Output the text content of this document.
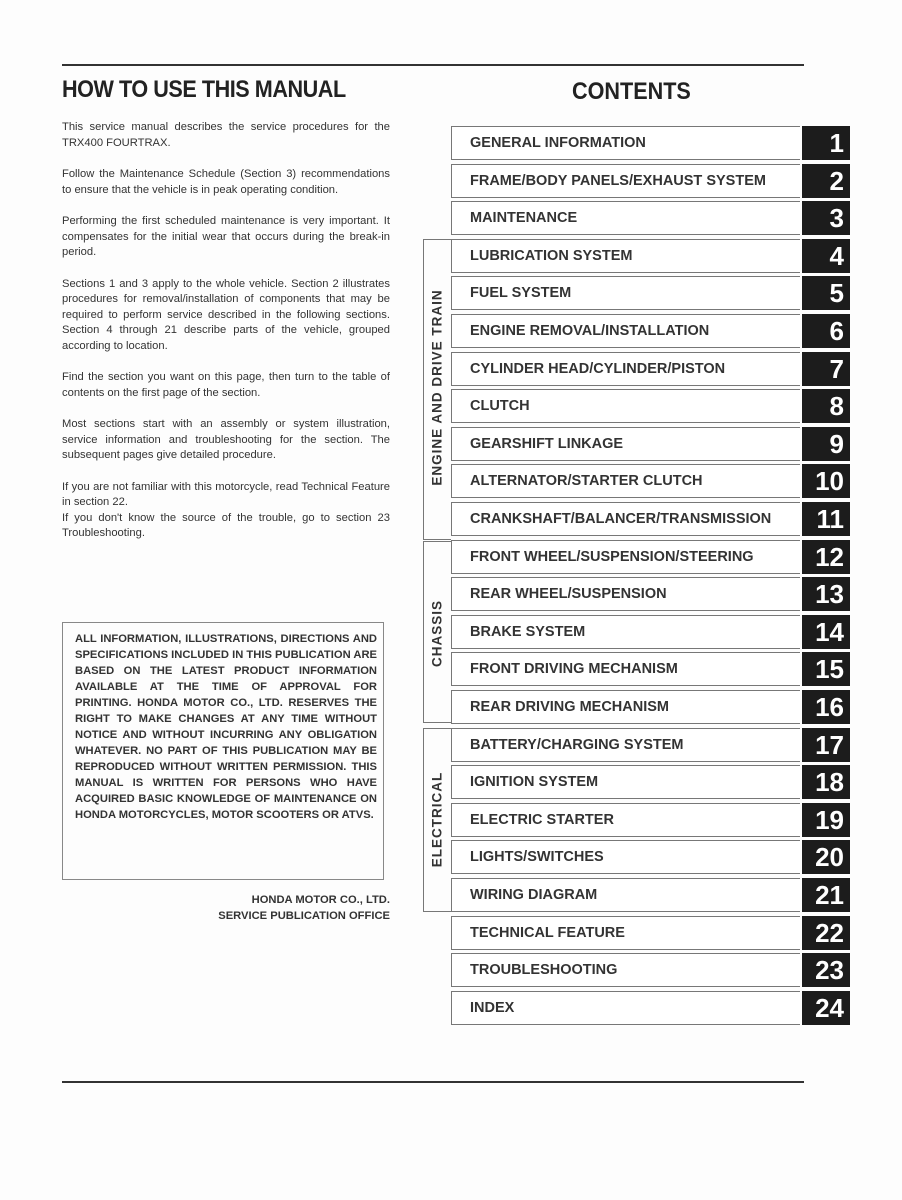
HOW TO USE THIS MANUAL	CONTENTS

This service manual describes the service procedures for the TRX400 FOURTRAX.

Follow the Maintenance Schedule (Section 3) recommendations to ensure that the vehicle is in peak operating condition.

Performing the first scheduled maintenance is very important. It compensates for the initial wear that occurs during the break-in period.

Sections 1 and 3 apply to the whole vehicle. Section 2 illustrates procedures for removal/installation of components that may be required to perform service described in the following sections. Section 4 through 21 describe parts of the vehicle, grouped according to location.

Find the section you want on this page, then turn to the table of contents on the first page of the section.

Most sections start with an assembly or system illustration, service information and troubleshooting for the section. The subsequent pages give detailed procedure.

If you are not familiar with this motorcycle, read Technical Feature in section 22.

If you don't know the source of the trouble, go to section 23 Troubleshooting.

ALL INFORMATION, ILLUSTRATIONS, DIRECTIONS AND SPECIFICATIONS INCLUDED IN THIS PUBLICATION ARE BASED ON THE LATEST PRODUCT INFORMATION AVAILABLE AT THE TIME OF APPROVAL FOR PRINTING. HONDA MOTOR CO., LTD. RESERVES THE RIGHT TO MAKE CHANGES AT ANY TIME WITHOUT NOTICE AND WITHOUT INCURRING ANY OBLIGATION WHATEVER. NO PART OF THIS PUBLICATION MAY BE REPRODUCED WITHOUT WRITTEN PERMISSION. THIS MANUAL IS WRITTEN FOR PERSONS WHO HAVE ACQUIRED BASIC KNOWLEDGE OF MAINTENANCE ON HONDA MOTORCYCLES, MOTOR SCOOTERS OR ATVS.
HONDA MOTOR CO., LTD.
SERVICE PUBLICATION OFFICE
ENGINE AND DRIVE TRAIN
CHASSIS
ELECTRICAL
GENERAL INFORMATION	1
FRAME/BODY PANELS/EXHAUST SYSTEM	2
MAINTENANCE	3
LUBRICATION SYSTEM	4
FUEL SYSTEM	5
ENGINE REMOVAL/INSTALLATION	6
CYLINDER HEAD/CYLINDER/PISTON	7
CLUTCH	8
GEARSHIFT LINKAGE	9
ALTERNATOR/STARTER CLUTCH	10
CRANKSHAFT/BALANCER/TRANSMISSION	11
FRONT WHEEL/SUSPENSION/STEERING	12
REAR WHEEL/SUSPENSION	13
BRAKE SYSTEM	14
FRONT DRIVING MECHANISM	15
REAR DRIVING MECHANISM	16
BATTERY/CHARGING SYSTEM	17
IGNITION SYSTEM	18
ELECTRIC STARTER	19
LIGHTS/SWITCHES	20
WIRING DIAGRAM	21
TECHNICAL FEATURE	22
TROUBLESHOOTING	23
INDEX	24
